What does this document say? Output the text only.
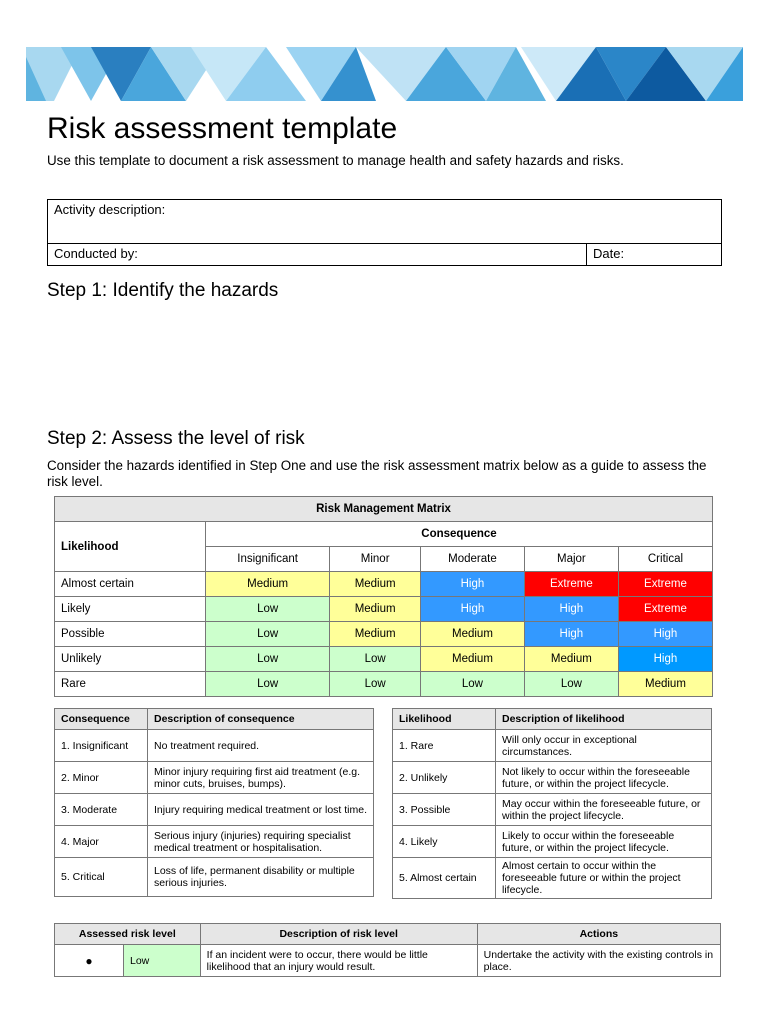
Risk assessment template

Use this template to document a risk assessment to manage health and safety hazards and risks.

Activity description:
Conducted by:	Date:
Step 1: Identify the hazards
Step 2: Assess the level of risk

Consider the hazards identified in Step One and use the risk assessment matrix below as a guide to assess the risk level.

Risk Management Matrix					
Likelihood	Consequence				
	Insignificant	Minor	Moderate	Major	Critical
Almost certain	Medium	Medium	High	Extreme	Extreme
Likely	Low	Medium	High	High	Extreme
Possible	Low	Medium	Medium	High	High
Unlikely	Low	Low	Medium	Medium	High
Rare	Low	Low	Low	Low	Medium
Consequence	Description of consequence
1. Insignificant	No treatment required.
2. Minor	Minor injury requiring first aid treatment (e.g. minor cuts, bruises, bumps).
3. Moderate	Injury requiring medical treatment or lost time.
4. Major	Serious injury (injuries) requiring specialist medical treatment or hospitalisation.
5. Critical	Loss of life, permanent disability or multiple serious injuries.
Likelihood	Description of likelihood
1. Rare	Will only occur in exceptional circumstances.
2. Unlikely	Not likely to occur within the foreseeable future, or within the project lifecycle.
3. Possible	May occur within the foreseeable future, or within the project lifecycle.
4. Likely	Likely to occur within the foreseeable future, or within the project lifecycle.
5. Almost certain	Almost certain to occur within the foreseeable future or within the project lifecycle.
Assessed risk level		Description of risk level	Actions
●	Low	If an incident were to occur, there would be little likelihood that an injury would result.	Undertake the activity with the existing controls in place.
